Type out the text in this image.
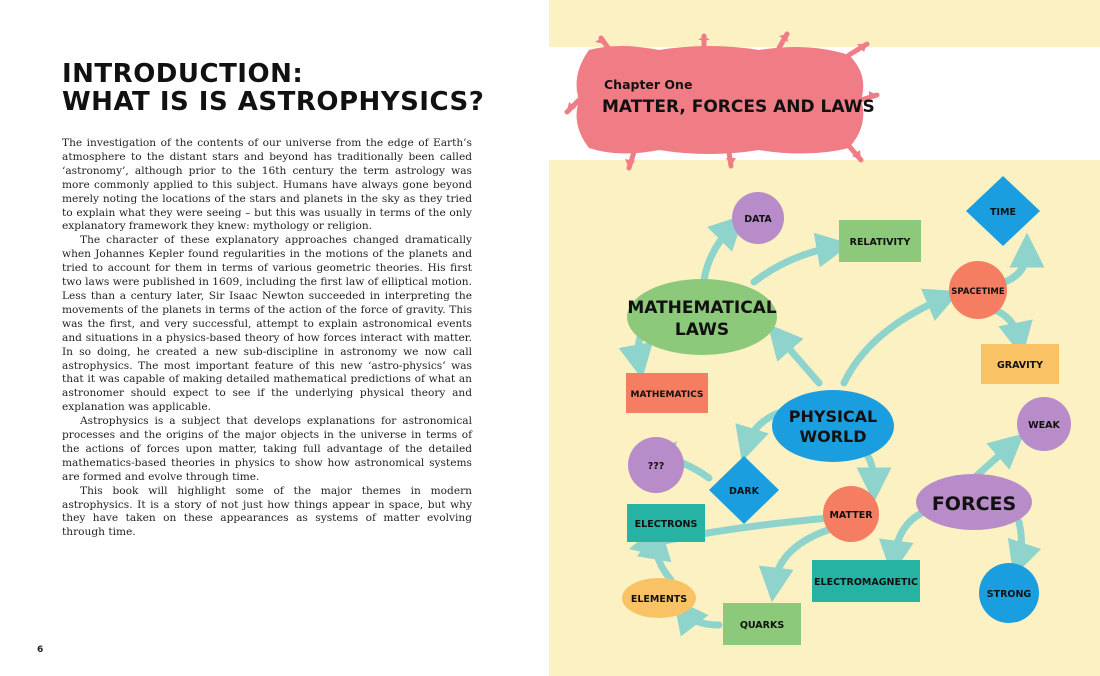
INTRODUCTION:
WHAT IS IS ASTROPHYSICS?

The investigation of the contents of our universe from the edge of Earth’s atmosphere to the distant stars and beyond has traditionally been called ‘astronomy’, although prior to the 16th century the term astrology was more commonly applied to this subject. Humans have always gone beyond merely noting the locations of the stars and planets in the sky as they tried to explain what they were seeing – but this was usually in terms of the only explanatory framework they knew: mythology or religion.

The character of these explanatory approaches changed dramatically when Johannes Kepler found regularities in the motions of the planets and tried to account for them in terms of various geometric theories. His first two laws were published in 1609, including the first law of elliptical motion. Less than a century later, Sir Isaac Newton succeeded in interpreting the movements of the planets in terms of the action of the force of gravity. This was the first, and very successful, attempt to explain astronomical events and situations in a physics-based theory of how forces interact with matter. In so doing, he created a new sub-discipline in astronomy we now call astrophysics. The most important feature of this new ‘astro-physics’ was that it was capable of making detailed mathematical predictions of what an astronomer should expect to see if the underlying physical theory and explanation was applicable.

Astrophysics is a subject that develops explanations for astronomical processes and the origins of the major objects in the universe in terms of the actions of forces upon matter, taking full advantage of the detailed mathematics-based theories in physics to show how astronomical systems are formed and evolve through time.

This book will highlight some of the major themes in modern astrophysics. It is a story of not just how things appear in space, but why they have taken on these appearances as systems of matter evolving through time.

6
Chapter One
MATTER, FORCES AND LAWS
DATA
RELATIVITY
TIME
SPACETIME
GRAVITY
MATHEMATICAL
LAWS
MATHEMATICS
PHYSICAL
WORLD
WEAK
???
DARK
FORCES
ELECTRONS
MATTER
ELECTROMAGNETIC
STRONG
ELEMENTS
QUARKS
